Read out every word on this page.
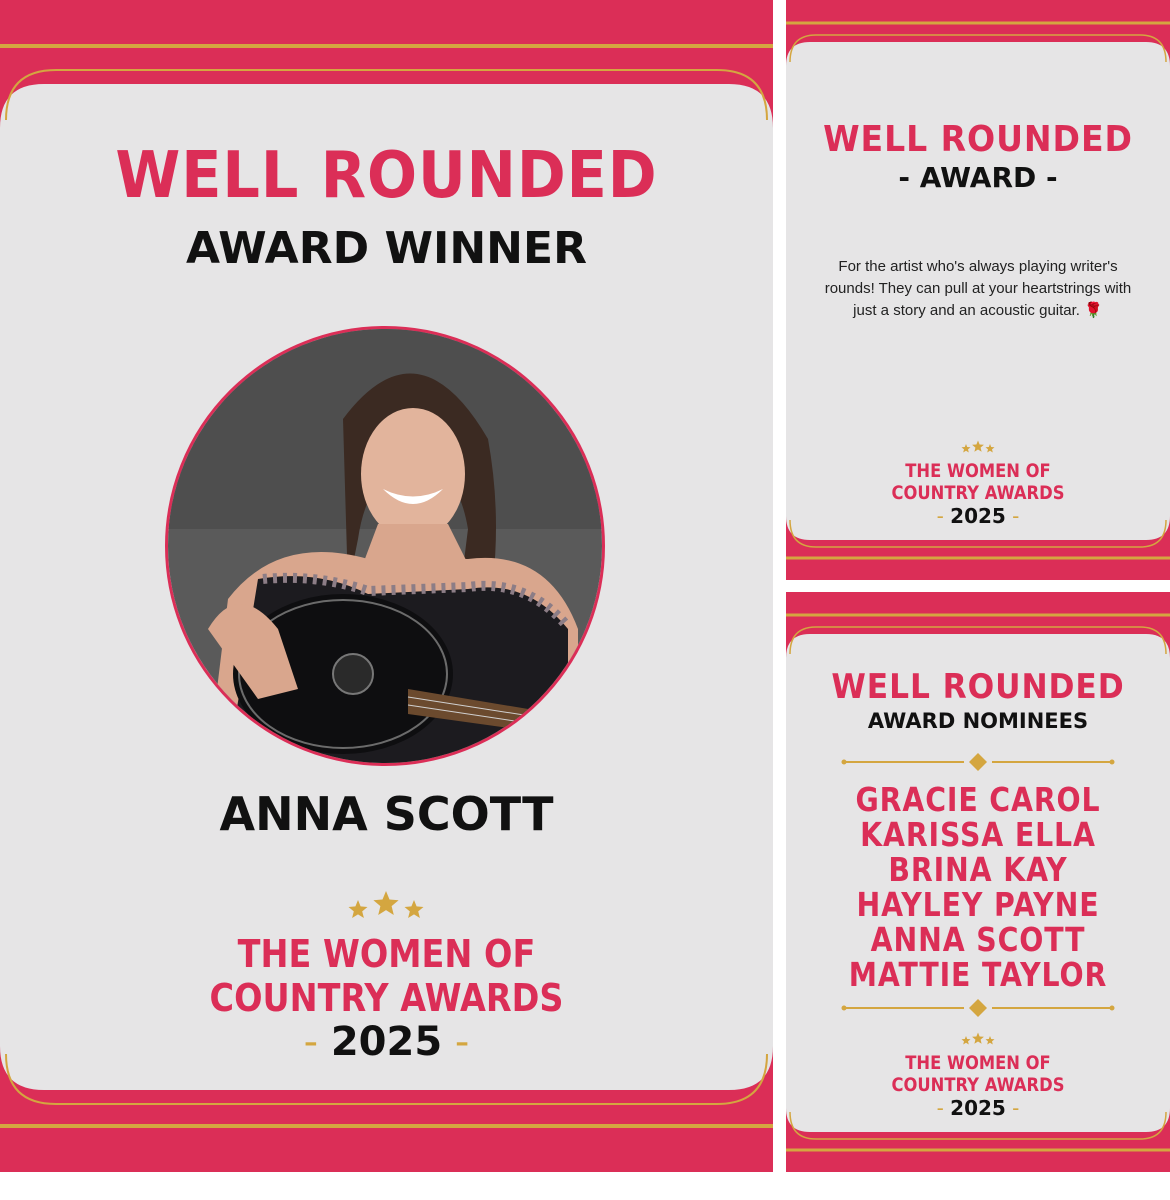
WELL ROUNDED
AWARD WINNER
ANNA SCOTT
THE WOMEN OF
COUNTRY AWARDS
- 2025 -
WELL ROUNDED
- AWARD -
For the artist who's always playing writer's rounds! They can pull at your heartstrings with just a story and an acoustic guitar. 🌹
THE WOMEN OF
COUNTRY AWARDS
- 2025 -
WELL ROUNDED
AWARD NOMINEES
GRACIE CAROL
KARISSA ELLA
BRINA KAY
HAYLEY PAYNE
ANNA SCOTT
MATTIE TAYLOR
THE WOMEN OF
COUNTRY AWARDS
- 2025 -
